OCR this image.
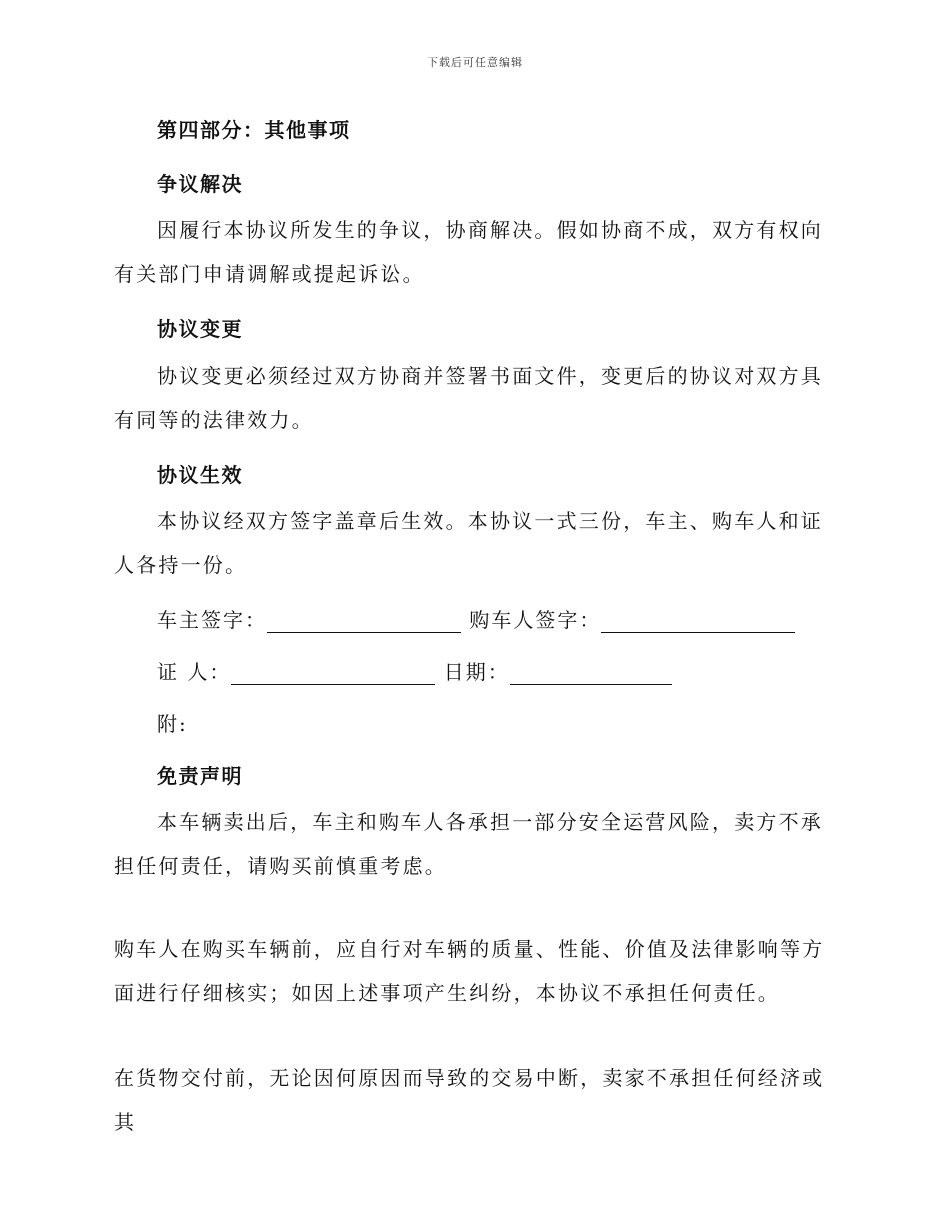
下载后可任意编辑
第四部分：其他事项
争议解决

因履行本协议所发生的争议，协商解决。假如协商不成，双方有权向有关部门申请调解或提起诉讼。

协议变更

协议变更必须经过双方协商并签署书面文件，变更后的协议对双方具有同等的法律效力。

协议生效

本协议经双方签字盖章后生效。本协议一式三份，车主、购车人和证人各持一份。

车主签字：	购车人签字：
证 人：	日期：
附:
免责声明

本车辆卖出后，车主和购车人各承担一部分安全运营风险，卖方不承担任何责任，请购买前慎重考虑。

购车人在购买车辆前，应自行对车辆的质量、性能、价值及法律影响等方面进行仔细核实；如因上述事项产生纠纷，本协议不承担任何责任。

在货物交付前，无论因何原因而导致的交易中断，卖家不承担任何经济或其
